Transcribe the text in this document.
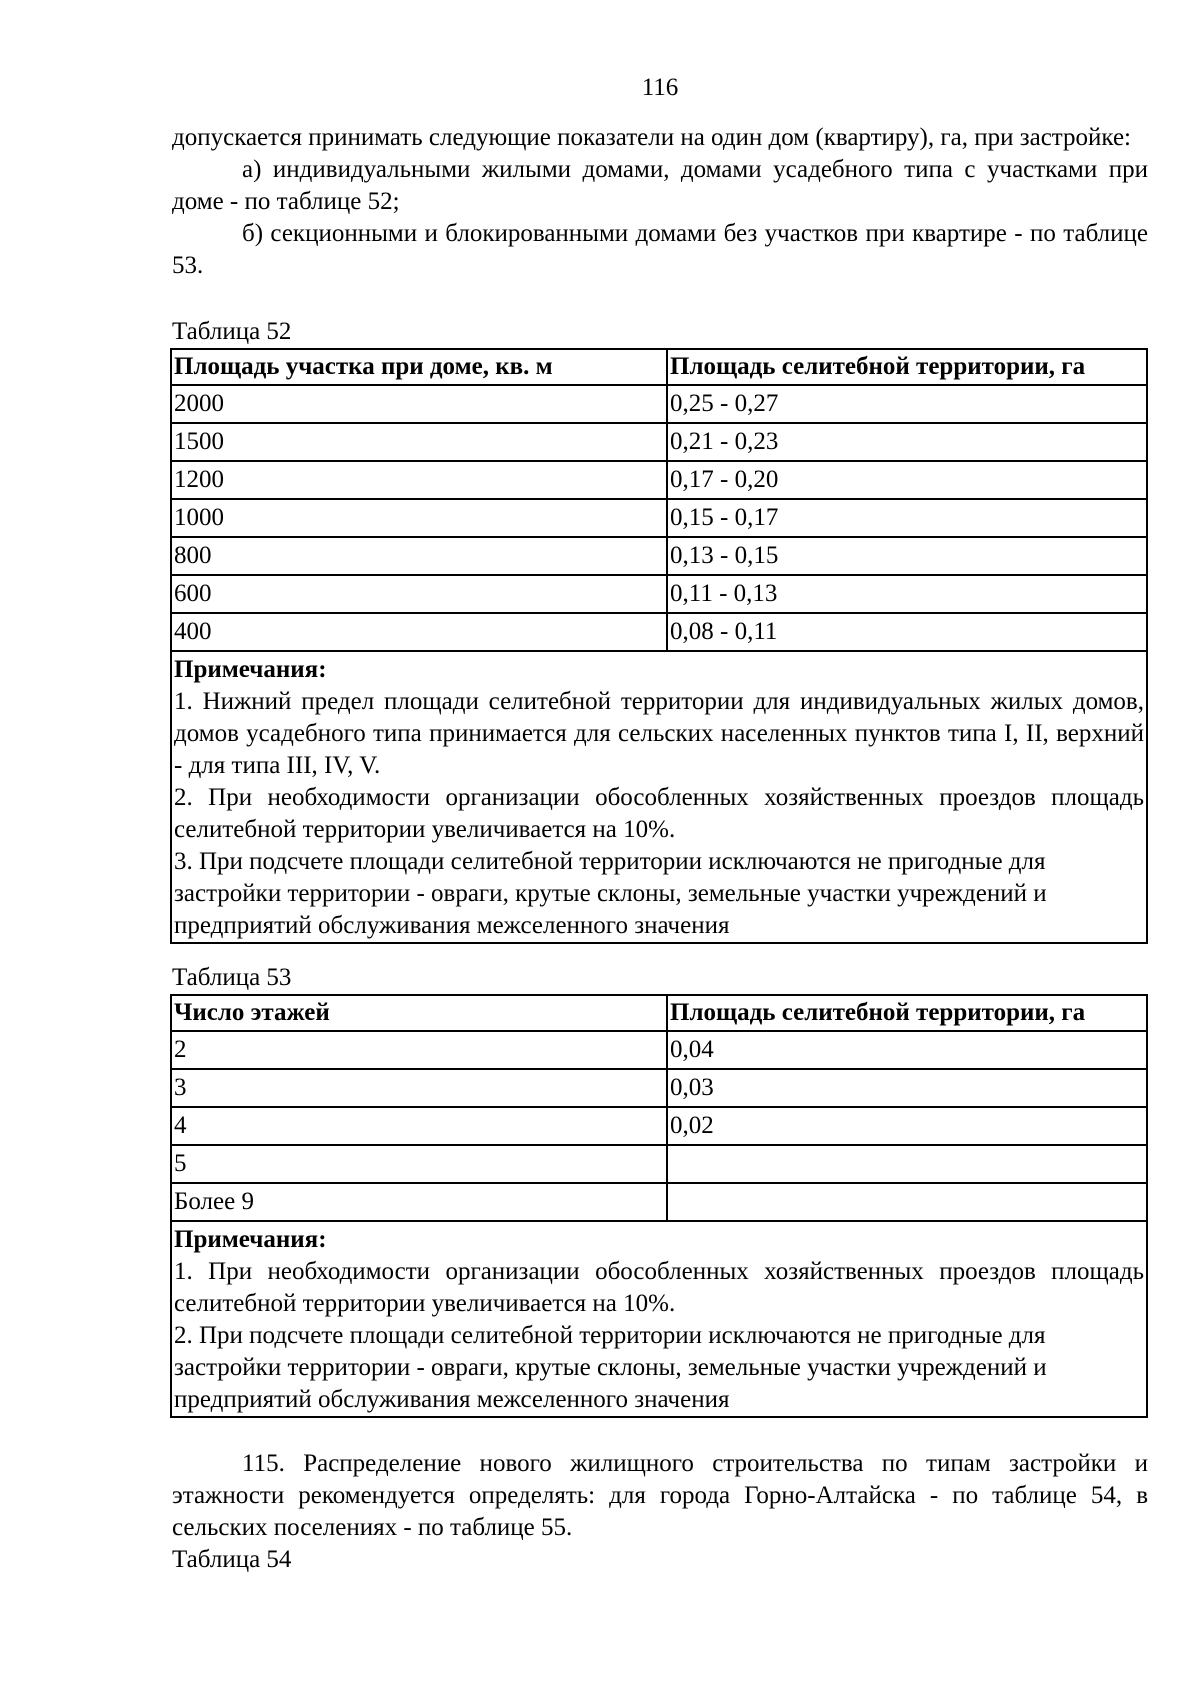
116

допускается принимать следующие показатели на один дом (квартиру), га, при застройке:

а) индивидуальными жилыми домами, домами усадебного типа с участками при доме - по таблице 52;

б) секционными и блокированными домами без участков при квартире - по таблице 53.

Таблица 52
Площадь участка при доме, кв. м	Площадь селитебной территории, га
2000	0,25 - 0,27
1500	0,21 - 0,23
1200	0,17 - 0,20
1000	0,15 - 0,17
800	0,13 - 0,15
600	0,11 - 0,13
400	0,08 - 0,11

Примечания:

1. Нижний предел площади селитебной территории для индивидуальных жилых домов, домов усадебного типа принимается для сельских населенных пунктов типа I, II, верхний - для типа III, IV, V.

2. При необходимости организации обособленных хозяйственных проездов площадь селитебной территории увеличивается на 10%.

3. При подсчете площади селитебной территории исключаются не пригодные для застройки территории - овраги, крутые склоны, земельные участки учреждений и предприятий обслуживания межселенного значения	

Таблица 53
Число этажей	Площадь селитебной территории, га
2	0,04
3	0,03
4	0,02
5	
Более 9	

Примечания:

1. При необходимости организации обособленных хозяйственных проездов площадь селитебной территории увеличивается на 10%.

2. При подсчете площади селитебной территории исключаются не пригодные для застройки территории - овраги, крутые склоны, земельные участки учреждений и предприятий обслуживания межселенного значения	

115. Распределение нового жилищного строительства по типам застройки и этажности рекомендуется определять: для города Горно-Алтайска - по таблице 54, в сельских поселениях - по таблице 55.

Таблица 54
